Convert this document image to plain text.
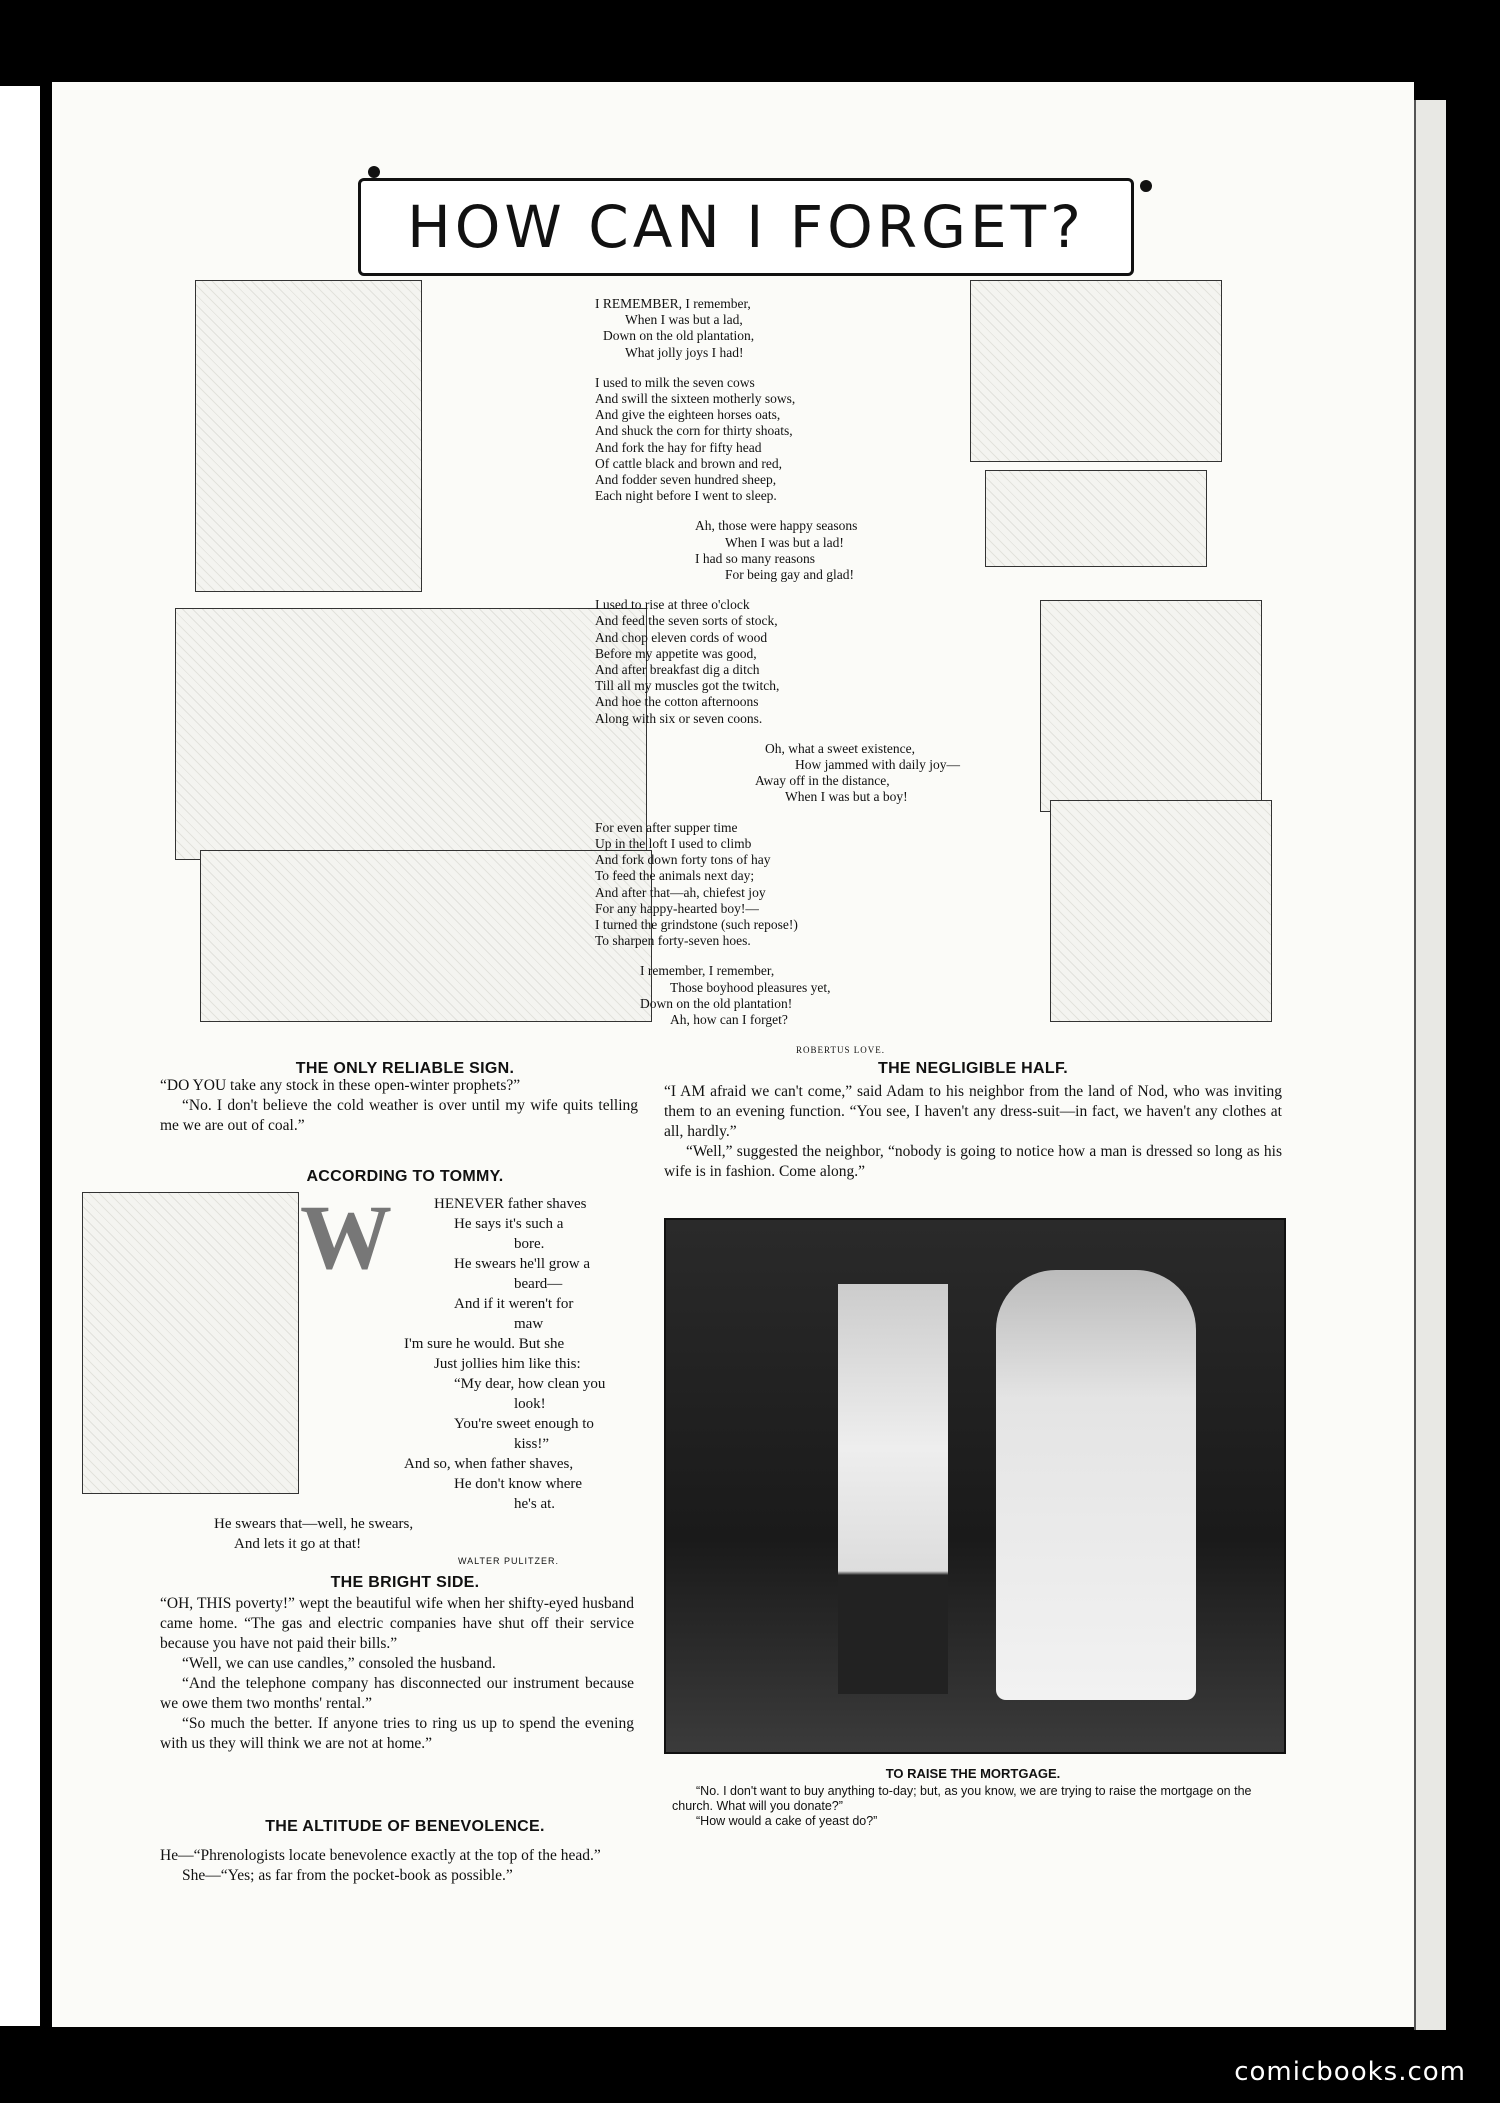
HOW CAN I FORGET?
I REMEMBER, I remember,
When I was but a lad,
Down on the old plantation,
What jolly joys I had!
I used to milk the seven cows
And swill the sixteen motherly sows,
And give the eighteen horses oats,
And shuck the corn for thirty shoats,
And fork the hay for fifty head
Of cattle black and brown and red,
And fodder seven hundred sheep,
Each night before I went to sleep.
Ah, those were happy seasons
When I was but a lad!
I had so many reasons
For being gay and glad!
I used to rise at three o'clock
And feed the seven sorts of stock,
And chop eleven cords of wood
Before my appetite was good,
And after breakfast dig a ditch
Till all my muscles got the twitch,
And hoe the cotton afternoons
Along with six or seven coons.
Oh, what a sweet existence,
How jammed with daily joy—
Away off in the distance,
When I was but a boy!
For even after supper time
Up in the loft I used to climb
And fork down forty tons of hay
To feed the animals next day;
And after that—ah, chiefest joy
For any happy-hearted boy!—
I turned the grindstone (such repose!)
To sharpen forty-seven hoes.
I remember, I remember,
Those boyhood pleasures yet,
Down on the old plantation!
Ah, how can I forget?
ROBERTUS LOVE.
THE ONLY RELIABLE SIGN.

“DO YOU take any stock in these open-winter prophets?”

“No. I don't believe the cold weather is over until my wife quits telling me we are out of coal.”

ACCORDING TO TOMMY.
W	HENEVER father shaves
He says it's such a
bore.
He swears he'll grow a
beard—
And if it weren't for
maw
I'm sure he would. But she
Just jollies him like this:
“My dear, how clean you
look!
You're sweet enough to
kiss!”
And so, when father shaves,
He don't know where
he's at.
He swears that—well, he swears,
And lets it go at that!
WALTER PULITZER.
THE BRIGHT SIDE.

“OH, THIS poverty!” wept the beautiful wife when her shifty-eyed husband came home. “The gas and electric companies have shut off their service because you have not paid their bills.”

“Well, we can use candles,” consoled the husband.

“And the telephone company has disconnected our instrument because we owe them two months' rental.”

“So much the better. If anyone tries to ring us up to spend the evening with us they will think we are not at home.”

THE ALTITUDE OF BENEVOLENCE.

He—“Phrenologists locate benevolence exactly at the top of the head.”

She—“Yes; as far from the pocket-book as possible.”

THE NEGLIGIBLE HALF.

“I AM afraid we can't come,” said Adam to his neighbor from the land of Nod, who was inviting them to an evening function. “You see, I haven't any dress-suit—in fact, we haven't any clothes at all, hardly.”

“Well,” suggested the neighbor, “nobody is going to notice how a man is dressed so long as his wife is in fashion. Come along.”

TO RAISE THE MORTGAGE.

“No. I don't want to buy anything to-day; but, as you know, we are trying to raise the mortgage on the church. What will you donate?”

“How would a cake of yeast do?”

comicbooks.com
